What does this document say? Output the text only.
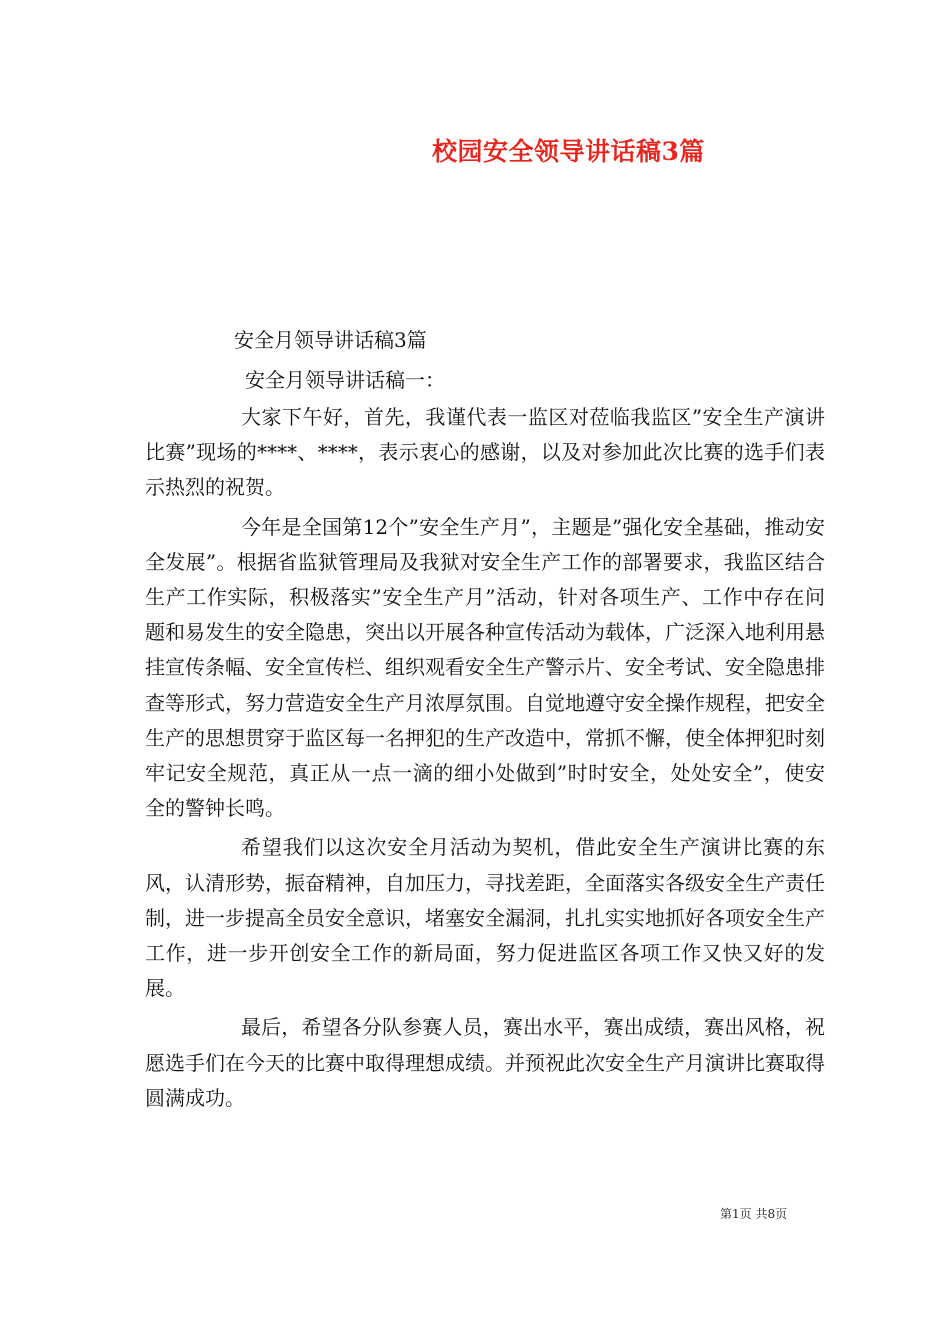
校园安全领导讲话稿3篇
安全月领导讲话稿3篇
安全月领导讲话稿一：

大家下午好，首先，我谨代表一监区对莅临我监区”安全生产演讲比赛”现场的****、****，表示衷心的感谢，以及对参加此次比赛的选手们表示热烈的祝贺。

今年是全国第12个”安全生产月”，主题是”强化安全基础，推动安全发展”。根据省监狱管理局及我狱对安全生产工作的部署要求，我监区结合生产工作实际，积极落实”安全生产月”活动，针对各项生产、工作中存在问题和易发生的安全隐患，突出以开展各种宣传活动为载体，广泛深入地利用悬挂宣传条幅、安全宣传栏、组织观看安全生产警示片、安全考试、安全隐患排查等形式，努力营造安全生产月浓厚氛围。自觉地遵守安全操作规程，把安全生产的思想贯穿于监区每一名押犯的生产改造中，常抓不懈，使全体押犯时刻牢记安全规范，真正从一点一滴的细小处做到”时时安全，处处安全”，使安全的警钟长鸣。

希望我们以这次安全月活动为契机，借此安全生产演讲比赛的东风，认清形势，振奋精神，自加压力，寻找差距，全面落实各级安全生产责任制，进一步提高全员安全意识，堵塞安全漏洞，扎扎实实地抓好各项安全生产工作，进一步开创安全工作的新局面，努力促进监区各项工作又快又好的发展。

最后，希望各分队参赛人员，赛出水平，赛出成绩，赛出风格，祝愿选手们在今天的比赛中取得理想成绩。并预祝此次安全生产月演讲比赛取得圆满成功。

第1页 共8页
